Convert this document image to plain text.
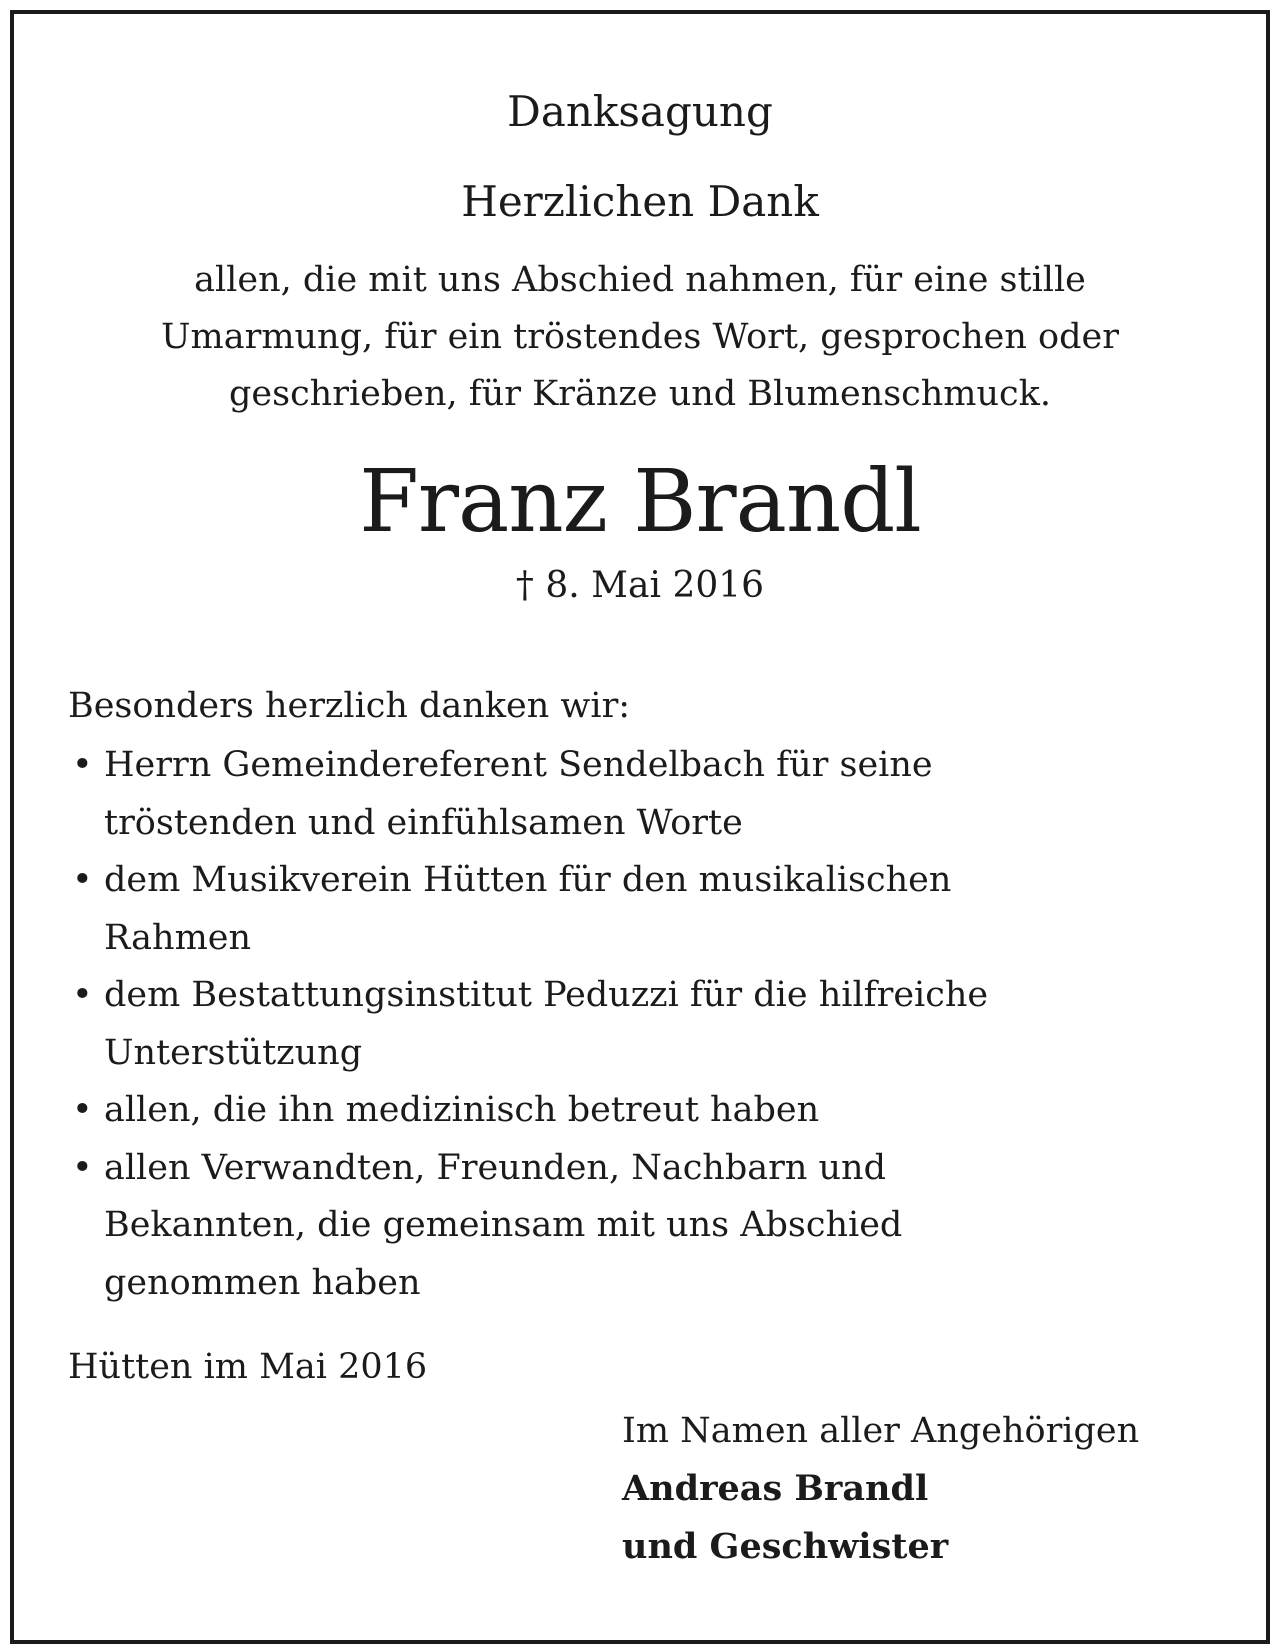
Danksagung
Herzlichen Dank
allen, die mit uns Abschied nahmen, für eine stille
Umarmung, für ein tröstendes Wort, gesprochen oder
geschrieben, für Kränze und Blumenschmuck.
Franz Brandl
† 8. Mai 2016
Besonders herzlich danken wir:
• Herrn Gemeindereferent Sendelbach für seine
tröstenden und einfühlsamen Worte
• dem Musikverein Hütten für den musikalischen
Rahmen
• dem Bestattungsinstitut Peduzzi für die hilfreiche
Unterstützung
• allen, die ihn medizinisch betreut haben
• allen Verwandten, Freunden, Nachbarn und
Bekannten, die gemeinsam mit uns Abschied
genommen haben
Hütten im Mai 2016
Im Namen aller Angehörigen
Andreas Brandl
und Geschwister
